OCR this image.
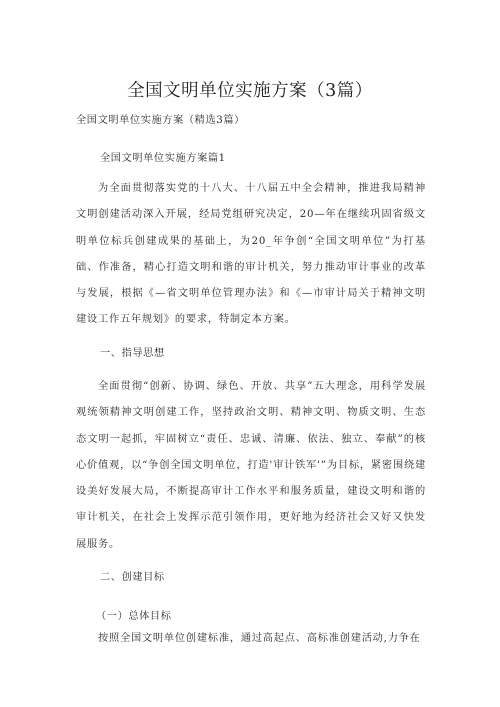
全国文明单位实施方案（3篇）
全国文明单位实施方案（精选3篇）
全国文明单位实施方案篇1

为全面贯彻落实党的十八大、十八届五中全会精神，推进我局精神文明创建活动深入开展，经局党组研究决定，20—年在继续巩固省级文明单位标兵创建成果的基础上，为20_年争创“全国文明单位”为打基础、作准备，精心打造文明和谐的审计机关，努力推动审计事业的改革与发展，根据《—省文明单位管理办法》和《—市审计局关于精神文明建设工作五年规划》的要求，特制定本方案。

一、指导思想

全面贯彻“创新、协调、绿色、开放、共享”五大理念，用科学发展观统领精神文明创建工作，坚持政治文明、精神文明、物质文明、生态态文明一起抓，牢固树立“责任、忠诚、清廉、依法、独立、奉献”的核心价值观，以“争创全国文明单位，打造'审计铁军'”为目标，紧密围绕建设美好发展大局，不断提高审计工作水平和服务质量，建设文明和谐的审计机关，在社会上发挥示范引领作用，更好地为经济社会又好又快发展服务。

二、创建目标
（一）总体目标

按照全国文明单位创建标准，通过高起点、高标准创建活动,力争在
